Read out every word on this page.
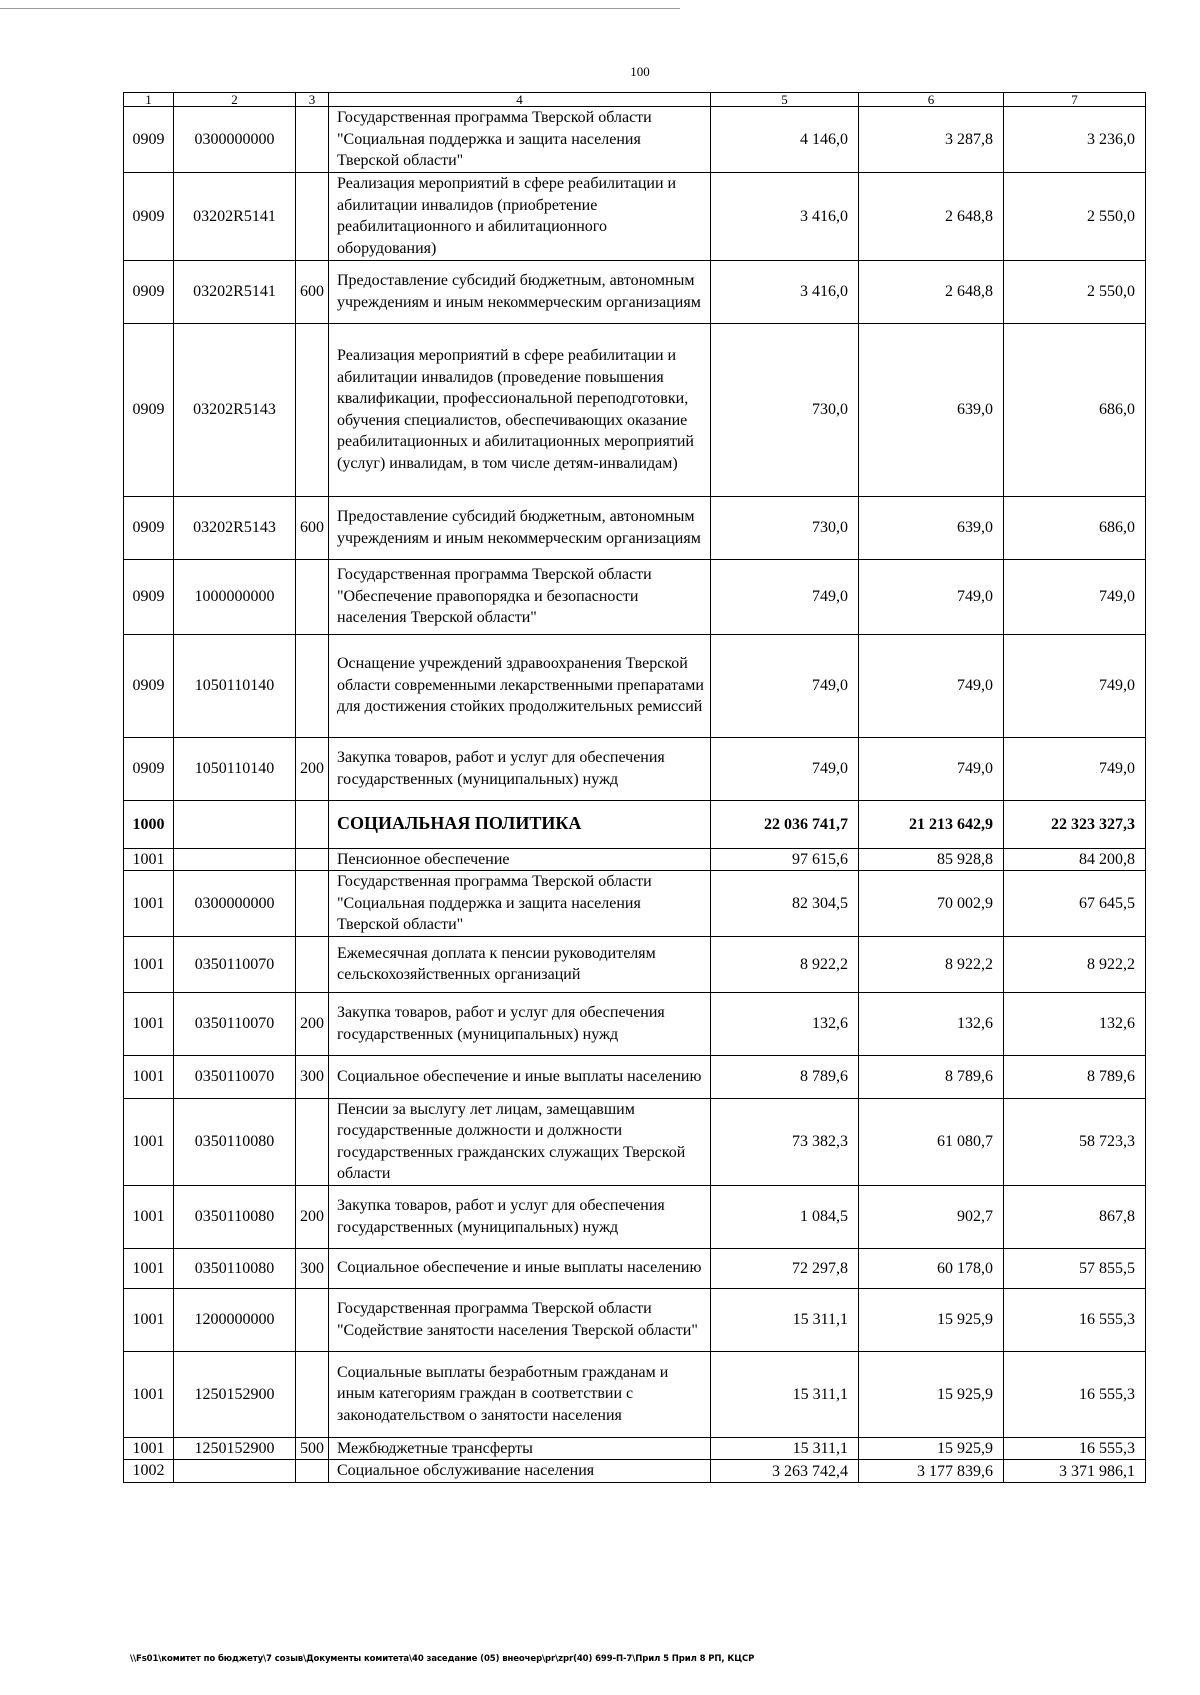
100
1	2	3	4	5	6	7
0909	0300000000		Государственная программа Тверской области "Социальная поддержка и защита населения Тверской области"	4 146,0	3 287,8	3 236,0
0909	03202R5141		Реализация мероприятий в сфере реабилитации и абилитации инвалидов (приобретение реабилитационного и абилитационного оборудования)	3 416,0	2 648,8	2 550,0
0909	03202R5141	600	Предоставление субсидий бюджетным, автономным учреждениям и иным некоммерческим организациям	3 416,0	2 648,8	2 550,0
0909	03202R5143		Реализация мероприятий в сфере реабилитации и абилитации инвалидов (проведение повышения квалификации, профессиональной переподготовки, обучения специалистов, обеспечивающих оказание реабилитационных и абилитационных мероприятий (услуг) инвалидам, в том числе детям-инвалидам)	730,0	639,0	686,0
0909	03202R5143	600	Предоставление субсидий бюджетным, автономным учреждениям и иным некоммерческим организациям	730,0	639,0	686,0
0909	1000000000		Государственная программа Тверской области "Обеспечение правопорядка и безопасности населения Тверской области"	749,0	749,0	749,0
0909	1050110140		Оснащение учреждений здравоохранения Тверской области современными лекарственными препаратами для достижения стойких продолжительных ремиссий	749,0	749,0	749,0
0909	1050110140	200	Закупка товаров, работ и услуг для обеспечения государственных (муниципальных) нужд	749,0	749,0	749,0
1000			СОЦИАЛЬНАЯ ПОЛИТИКА	22 036 741,7	21 213 642,9	22 323 327,3
1001			Пенсионное обеспечение	97 615,6	85 928,8	84 200,8
1001	0300000000		Государственная программа Тверской области "Социальная поддержка и защита населения Тверской области"	82 304,5	70 002,9	67 645,5
1001	0350110070		Ежемесячная доплата к пенсии руководителям сельскохозяйственных организаций	8 922,2	8 922,2	8 922,2
1001	0350110070	200	Закупка товаров, работ и услуг для обеспечения государственных (муниципальных) нужд	132,6	132,6	132,6
1001	0350110070	300	Социальное обеспечение и иные выплаты населению	8 789,6	8 789,6	8 789,6
1001	0350110080		Пенсии за выслугу лет лицам, замещавшим государственные должности и должности государственных гражданских служащих Тверской области	73 382,3	61 080,7	58 723,3
1001	0350110080	200	Закупка товаров, работ и услуг для обеспечения государственных (муниципальных) нужд	1 084,5	902,7	867,8
1001	0350110080	300	Социальное обеспечение и иные выплаты населению	72 297,8	60 178,0	57 855,5
1001	1200000000		Государственная программа Тверской области "Содействие занятости населения Тверской области"	15 311,1	15 925,9	16 555,3
1001	1250152900		Социальные выплаты безработным гражданам и иным категориям граждан в соответствии с законодательством о занятости населения	15 311,1	15 925,9	16 555,3
1001	1250152900	500	Межбюджетные трансферты	15 311,1	15 925,9	16 555,3
1002			Социальное обслуживание населения	3 263 742,4	3 177 839,6	3 371 986,1
\\Fs01\комитет по бюджету\7 созыв\Документы комитета\40 заседание (05) внеочер\pr\zpr(40) 699-П-7\Прил 5 Прил 8 РП, КЦСР
